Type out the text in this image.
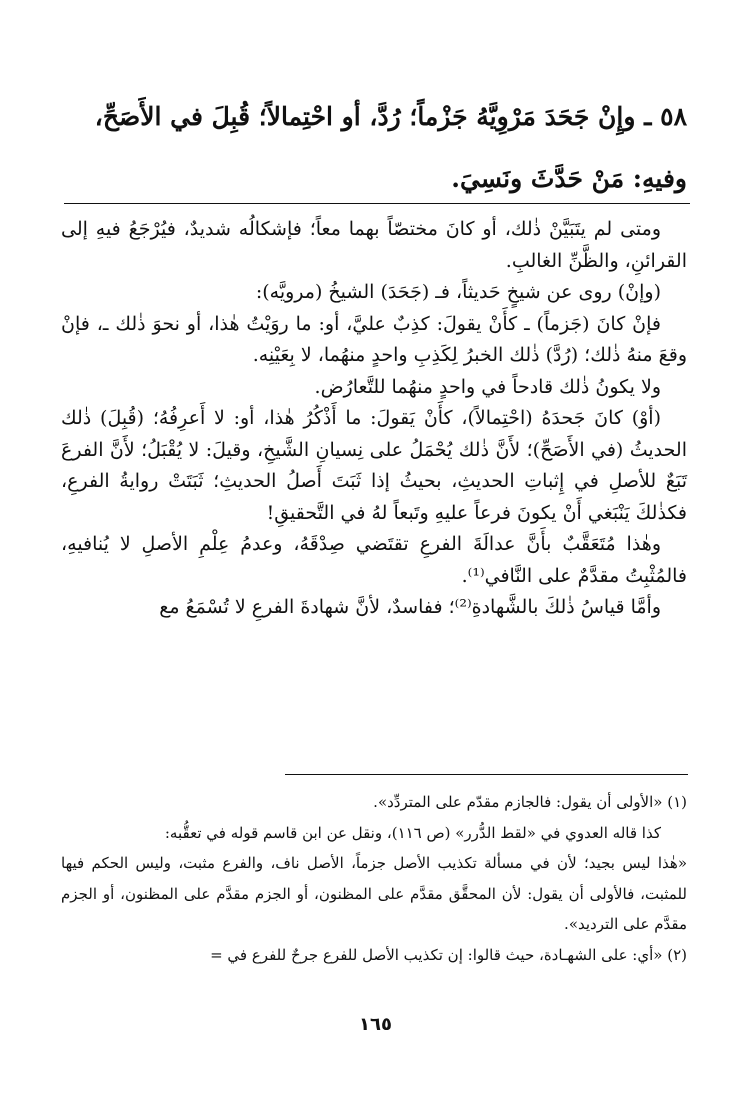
٥٨ ـ وإِنْ جَحَدَ مَرْوِيَّهُ جَزْماً؛ رُدَّ، أو احْتِمالاً؛ قُبِلَ في الأَصَحِّ،
وفيهِ: مَنْ حَدَّثَ ونَسِيَ.

ومتى لم يتَبَيَّنْ ذٰلك، أو كانَ مختصّاً بهما معاً؛ فإشكالُه شديدٌ، فيُرْجَعُ فيهِ إلى القرائنِ، والظَّنِّ الغالبِ.

(وإنْ) روى عن شيخٍ حَديثاً، فـ (جَحَدَ) الشيخُ (مرويَّه):

فإنْ كانَ (جَزماً) ـ كأَنْ يقولَ: كذِبٌ عليَّ، أو: ما روَيْتُ هٰذا، أو نحوَ ذٰلك ـ، فإنْ وقعَ منهُ ذٰلك؛ (رُدَّ) ذٰلك الخبرُ لِكَذِبِ واحدٍ منهُما، لا بِعَيْنِه.

ولا يكونُ ذٰلك قادحاً في واحدٍ منهُما للتَّعارُض.

(أوْ) كانَ جَحدَهُ (احْتِمالاً)، كأَنْ يَقولَ: ما أَذْكُرُ هٰذا، أو: لا أَعرِفُهُ؛ (قُبِلَ) ذٰلك الحديثُ (في الأَصَحِّ)؛ لأَنَّ ذٰلك يُحْمَلُ على نِسيانِ الشَّيخِ، وقيلَ: لا يُقْبَلُ؛ لأَنَّ الفرعَ تَبَعٌ للأصلِ في إِثباتِ الحديثِ، بحيثُ إذا ثَبَتَ أَصلُ الحديثِ؛ ثَبَتَتْ روايةُ الفرعِ، فكذٰلكَ يَنْبَغي أَنْ يكونَ فرعاً عليهِ وتَبعاً لهُ في التَّحقيقِ!

وهٰذا مُتَعَقَّبٌ بأَنَّ عدالَةَ الفرعِ تقتَضي صِدْقَهُ، وعدمُ عِلْمِ الأصلِ لا يُنافيهِ، فالمُثْبِتُ مقدَّمٌ على النَّافي⁽¹⁾.

وأمَّا قياسُ ذٰلكَ بالشَّهادةِ⁽²⁾؛ ففاسدٌ، لأنَّ شهادةَ الفرعِ لا تُسْمَعُ مع

(١) «الأولى أن يقول: فالجازم مقدّم على المتردِّد».

كذا قاله العدوي في «لقط الدُّرر» (ص ١١٦)، ونقل عن ابن قاسم قوله في تعقُّبه:

«هٰذا ليس بجيد؛ لأن في مسألة تكذيب الأصل جزماً، الأصل ناف، والفرع مثبت، وليس الحكم فيها للمثبت، فالأولى أن يقول: لأن المحقَّق مقدَّم على المظنون، أو الجزم مقدَّم على المظنون، أو الجزم مقدَّم على الترديد».

(٢) «أي: على الشهـادة، حيث قالوا: إن تكذيب الأصل للفرع جرحٌ للفرع في =

١٦٥
